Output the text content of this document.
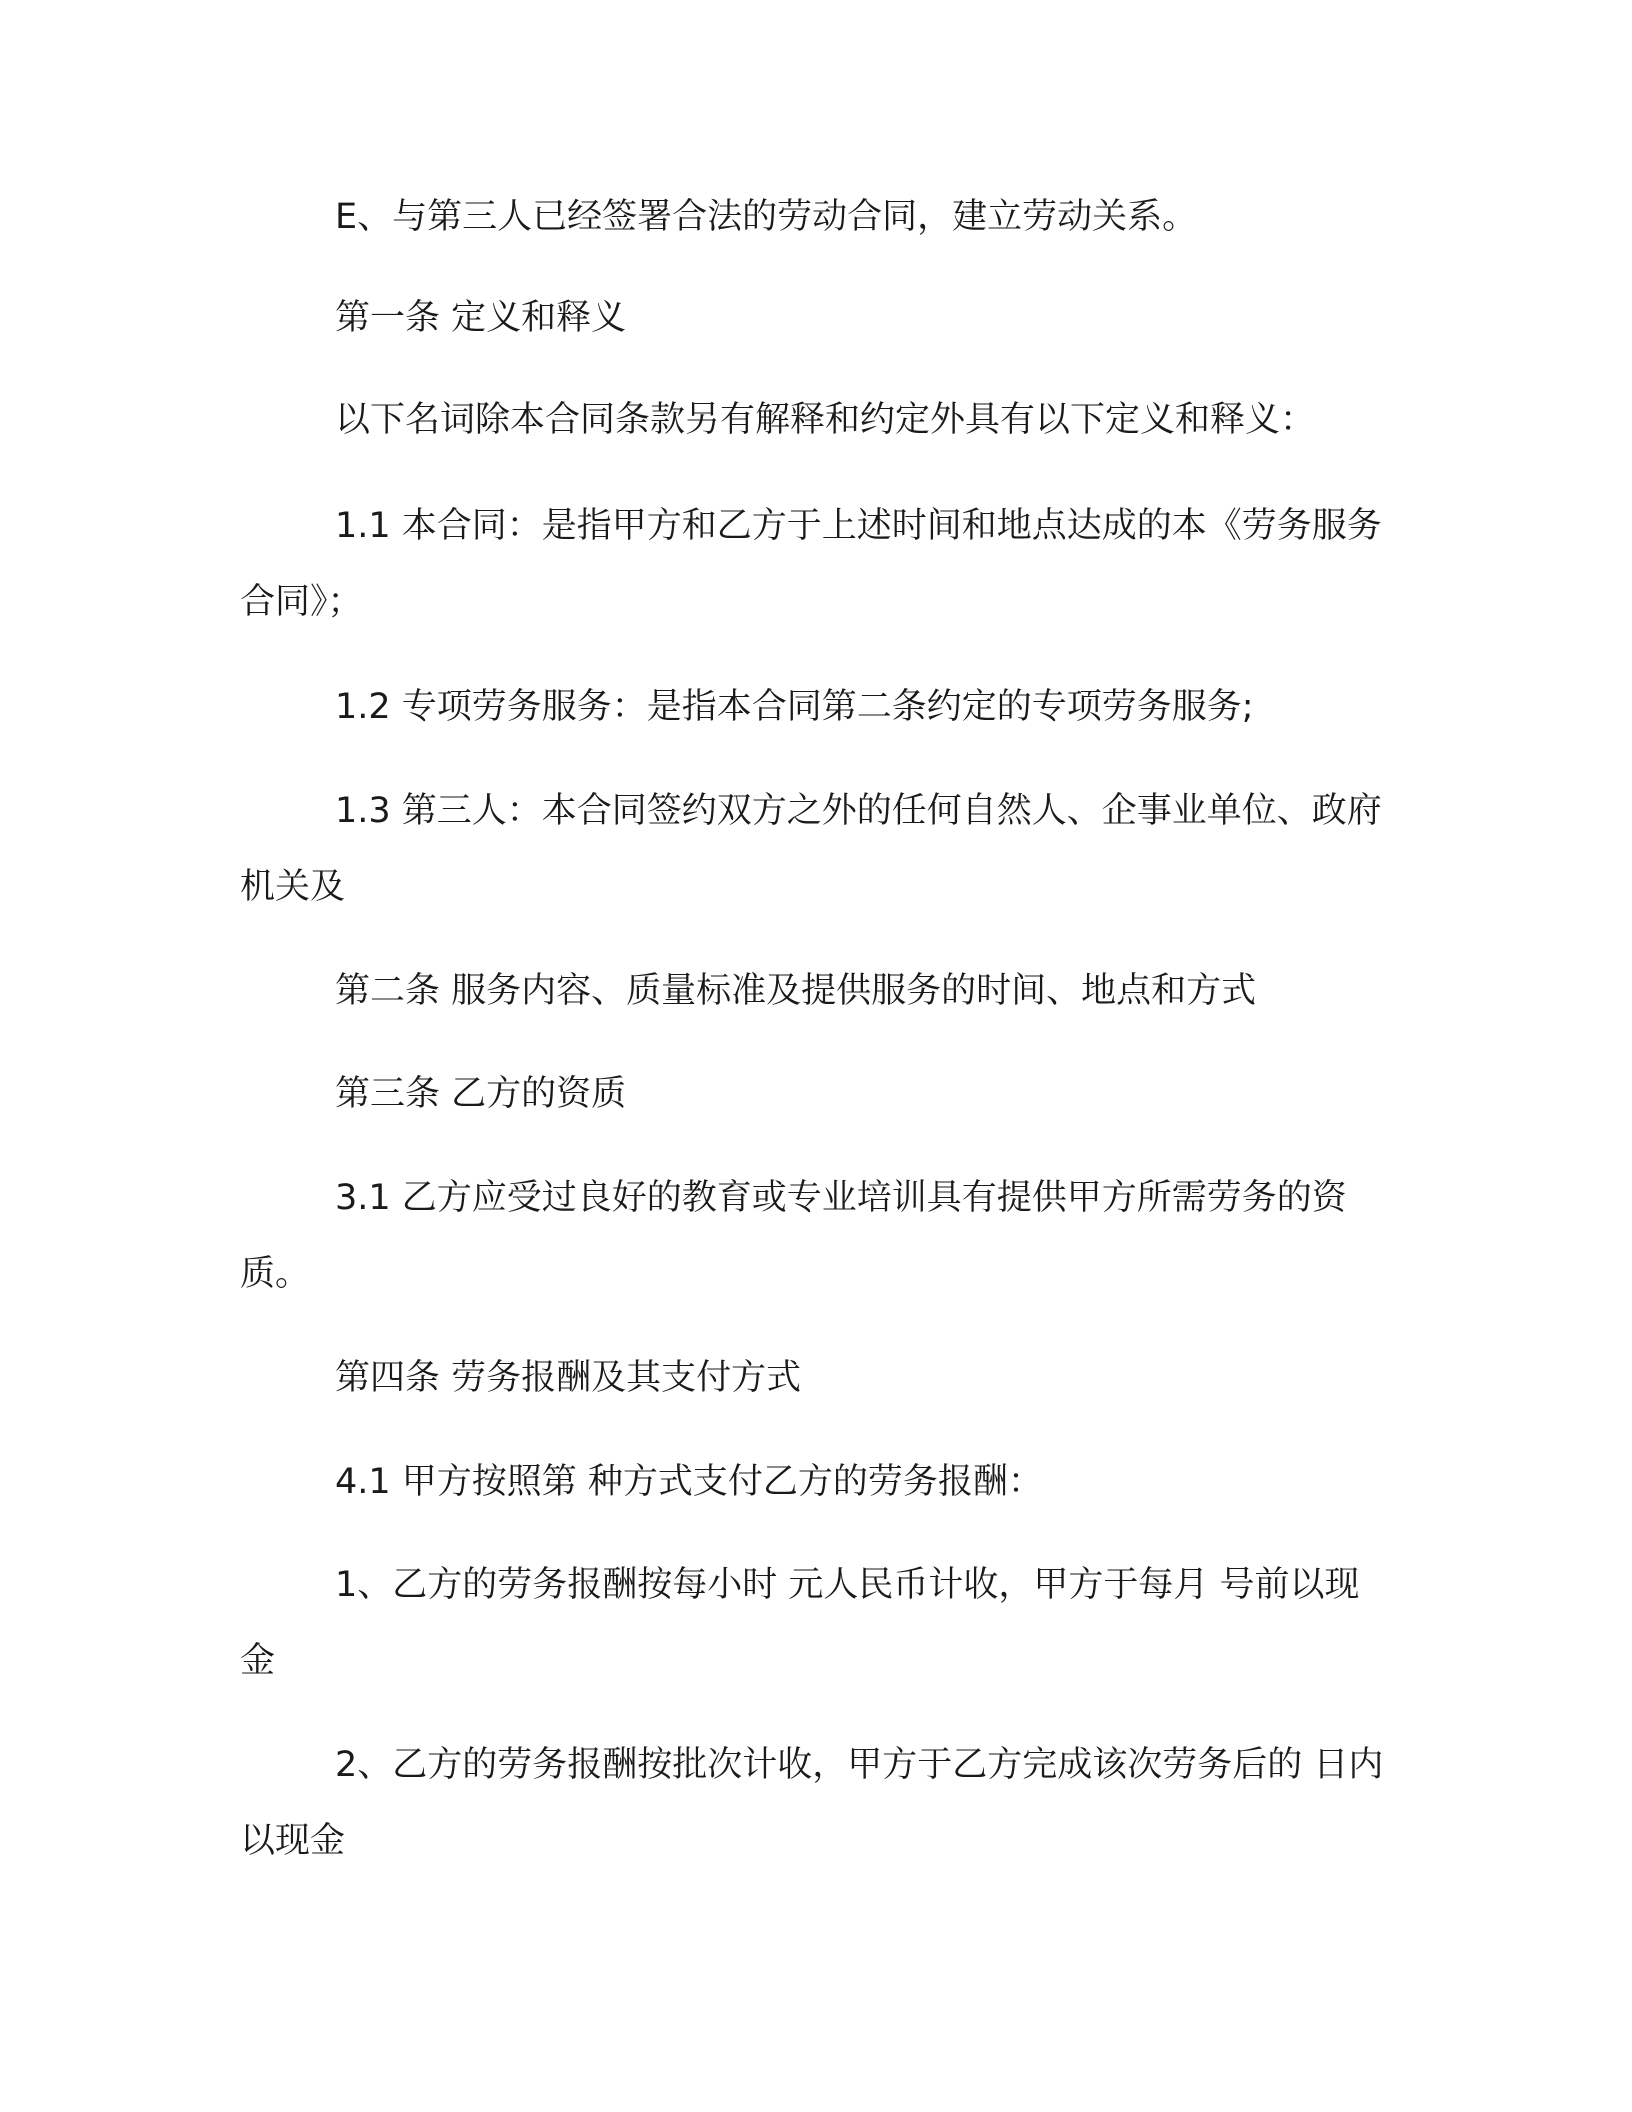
E、与第三人已经签署合法的劳动合同，建立劳动关系。

第一条 定义和释义

以下名词除本合同条款另有解释和约定外具有以下定义和释义：

1.1 本合同：是指甲方和乙方于上述时间和地点达成的本《劳务服务合同》；

1.2 专项劳务服务：是指本合同第二条约定的专项劳务服务;

1.3 第三人：本合同签约双方之外的任何自然人、企事业单位、政府机关及

第二条 服务内容、质量标准及提供服务的时间、地点和方式

第三条 乙方的资质

3.1 乙方应受过良好的教育或专业培训具有提供甲方所需劳务的资质。

第四条 劳务报酬及其支付方式

4.1 甲方按照第 种方式支付乙方的劳务报酬：

1、乙方的劳务报酬按每小时 元人民币计收，甲方于每月 号前以现金

2、乙方的劳务报酬按批次计收，甲方于乙方完成该次劳务后的 日内以现金
